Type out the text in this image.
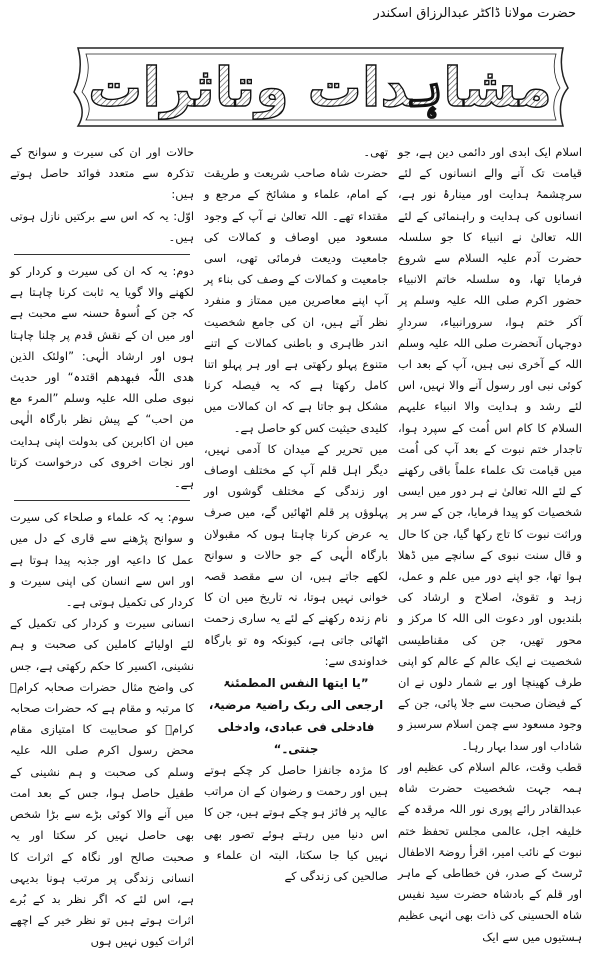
حضرت مولانا ڈاکٹر عبدالرزاق اسکندر
مشاہدات وتاثرات

اسلام ایک ابدی اور دائمی دین ہے، جو قیامت تک آنے والے انسانوں کے لئے سرچشمۂ ہدایت اور مینارۂ نور ہے، انسانوں کی ہدایت و راہنمائی کے لئے اللہ تعالیٰ نے انبیاء کا جو سلسلہ حضرت آدم علیہ السلام سے شروع فرمایا تھا، وہ سلسلہ خاتم الانبیاء حضور اکرم صلی اللہ علیہ وسلم پر آکر ختم ہوا، سرورانبیاء، سردارِ دوجہاں آنحضرت صلی اللہ علیہ وسلم اللہ کے آخری نبی ہیں، آپ کے بعد اب کوئی نبی اور رسول آنے والا نہیں، اس لئے رشد و ہدایت والا انبیاء علیہم السلام کا کام اس اُمت کے سپرد ہوا، تاجدار ختم نبوت کے بعد آپ کی اُمت میں قیامت تک علماء علماً باقی رکھنے کے لئے اللہ تعالیٰ نے ہر دور میں ایسی شخصیات کو پیدا فرمایا، جن کے سر پر وراثت نبوت کا تاج رکھا گیا، جن کا حال و قال سنت نبوی کے سانچے میں ڈھلا ہوا تھا، جو اپنے دور میں علم و عمل، زہد و تقویٰ، اصلاح و ارشاد کی بلندیوں اور دعوت الی اللہ کا مرکز و محور تھیں، جن کی مقناطیسی شخصیت نے ایک عالم کے عالم کو اپنی طرف کھینچا اور بے شمار دلوں نے ان کے فیضان صحبت سے جلا پائی، جن کے وجود مسعود سے چمن اسلام سرسبز و شاداب اور سدا بہار رہا۔

قطب وقت، عالم اسلام کی عظیم اور ہمہ جہت شخصیت حضرت شاہ عبدالقادر رائے پوری نور اللہ مرقدہ کے خلیفہ اجل، عالمی مجلس تحفظ ختم نبوت کے نائب امیر، اقرأ روضۃ الاطفال ٹرسٹ کے صدر، فن خطاطی کے ماہر اور قلم کے بادشاہ حضرت سید نفیس شاہ الحسینی کی ذات بھی انہی عظیم ہستیوں میں سے ایک

تھی۔

حضرت شاہ صاحب شریعت و طریقت کے امام، علماء و مشائخ کے مرجع و مقتداء تھے۔ اللہ تعالیٰ نے آپ کے وجود مسعود میں اوصاف و کمالات کی جامعیت ودیعت فرمائی تھی، اسی جامعیت و کمالات کے وصف کی بناء پر آپ اپنے معاصرین میں ممتاز و منفرد نظر آتے ہیں، ان کی جامع شخصیت اندر ظاہری و باطنی کمالات کے اتنے متنوع پہلو رکھتی ہے اور ہر پہلو اتنا کامل رکھتا ہے کہ یہ فیصلہ کرنا مشکل ہو جاتا ہے کہ ان کمالات میں کلیدی حیثیت کس کو حاصل ہے۔

میں تحریر کے میدان کا آدمی نہیں، دیگر اہل قلم آپ کے مختلف اوصاف اور زندگی کے مختلف گوشوں اور پہلوؤں پر قلم اٹھائیں گے، میں صرف یہ عرض کرنا چاہتا ہوں کہ مقبولان بارگاہ الٰہی کے جو حالات و سوانح لکھے جاتے ہیں، ان سے مقصد قصہ خوانی نہیں ہوتا، نہ تاریخ میں ان کا نام زندہ رکھنے کے لئے یہ ساری زحمت اٹھائی جاتی ہے، کیونکہ وہ تو بارگاہ خداوندی سے:

”یا ایتھا النفس المطمئنۃ

ارجعی الی ربک راضیۃ مرضیۃ،

فادخلی فی عبادی، وادخلی

جنتی۔“

کا مژدہ جانفزا حاصل کر چکے ہوتے ہیں اور رحمت و رضوان کے ان مراتب عالیہ پر فائز ہو چکے ہوتے ہیں، جن کا اس دنیا میں رہتے ہوئے تصور بھی نہیں کیا جا سکتا، البتہ ان علماء و صالحین کی زندگی کے

حالات اور ان کی سیرت و سوانح کے تذکرہ سے متعدد فوائد حاصل ہوتے ہیں:

اوّل: یہ کہ اس سے برکتیں نازل ہوتی ہیں۔

دوم: یہ کہ ان کی سیرت و کردار کو لکھنے والا گویا یہ ثابت کرنا چاہتا ہے کہ جن کے اُسوۂ حسنہ سے محبت ہے اور میں ان کے نقش قدم پر چلنا چاہتا ہوں اور ارشاد الٰہی: ”اولئک الذین ھدی اللّٰہ فبھدھم اقتدہ“ اور حدیث نبوی صلی اللہ علیہ وسلم ”المرء مع من احب“ کے پیش نظر بارگاہ الٰہی میں ان اکابرین کی بدولت اپنی ہدایت اور نجات اخروی کی درخواست کرتا ہے۔

سوم: یہ کہ علماء و صلحاء کی سیرت و سوانح پڑھنے سے قاری کے دل میں عمل کا داعیہ اور جذبہ پیدا ہوتا ہے اور اس سے انسان کی اپنی سیرت و کردار کی تکمیل ہوتی ہے۔

انسانی سیرت و کردار کی تکمیل کے لئے اولیائے کاملین کی صحبت و ہم نشینی، اکسیر کا حکم رکھتی ہے، جس کی واضح مثال حضرات صحابہ کرامؓ کا مرتبہ و مقام ہے کہ حضرات صحابہ کرامؓ کو صحابیت کا امتیازی مقام محض رسول اکرم صلی اللہ علیہ وسلم کی صحبت و ہم نشینی کے طفیل حاصل ہوا، جس کے بعد امت میں آنے والا کوئی بڑے سے بڑا شخص بھی حاصل نہیں کر سکتا اور یہ صحبت صالح اور نگاہ کے اثرات کا انسانی زندگی پر مرتب ہونا بدیہی ہے، اس لئے کہ اگر نظر بد کے بُرے اثرات ہوتے ہیں تو نظر خیر کے اچھے اثرات کیوں نہیں ہوں
